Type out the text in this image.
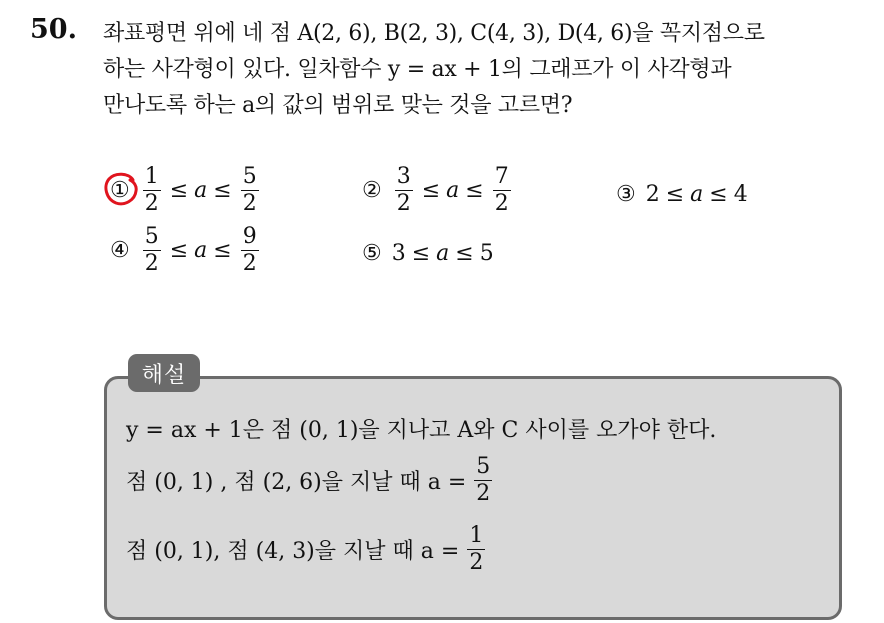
50. 좌표평면 위에 네 점 A(2, 6), B(2, 3), C(4, 3), D(4, 6)을 꼭지점으로
하는 사각형이 있다. 일차함수 y = ax + 1의 그래프가 이 사각형과
만나도록 하는 a의 값의 범위로 맞는 것을 고르면?
① $\frac{1}{2} \le a \le \frac{5}{2}$	② $\frac{3}{2} \le a \le \frac{7}{2}$	③ 2 ≤ a ≤ 4
④ $\frac{5}{2} \le a \le \frac{9}{2}$	⑤ 3 ≤ a ≤ 5
해설
y = ax + 1은 점 (0, 1)을 지나고 A와 C 사이를 오가야 한다.
점 (0, 1) , 점 (2, 6)을 지날 때 $a = \frac{5}{2}$
점 (0, 1), 점 (4, 3)을 지날 때 $a = \frac{1}{2}$
